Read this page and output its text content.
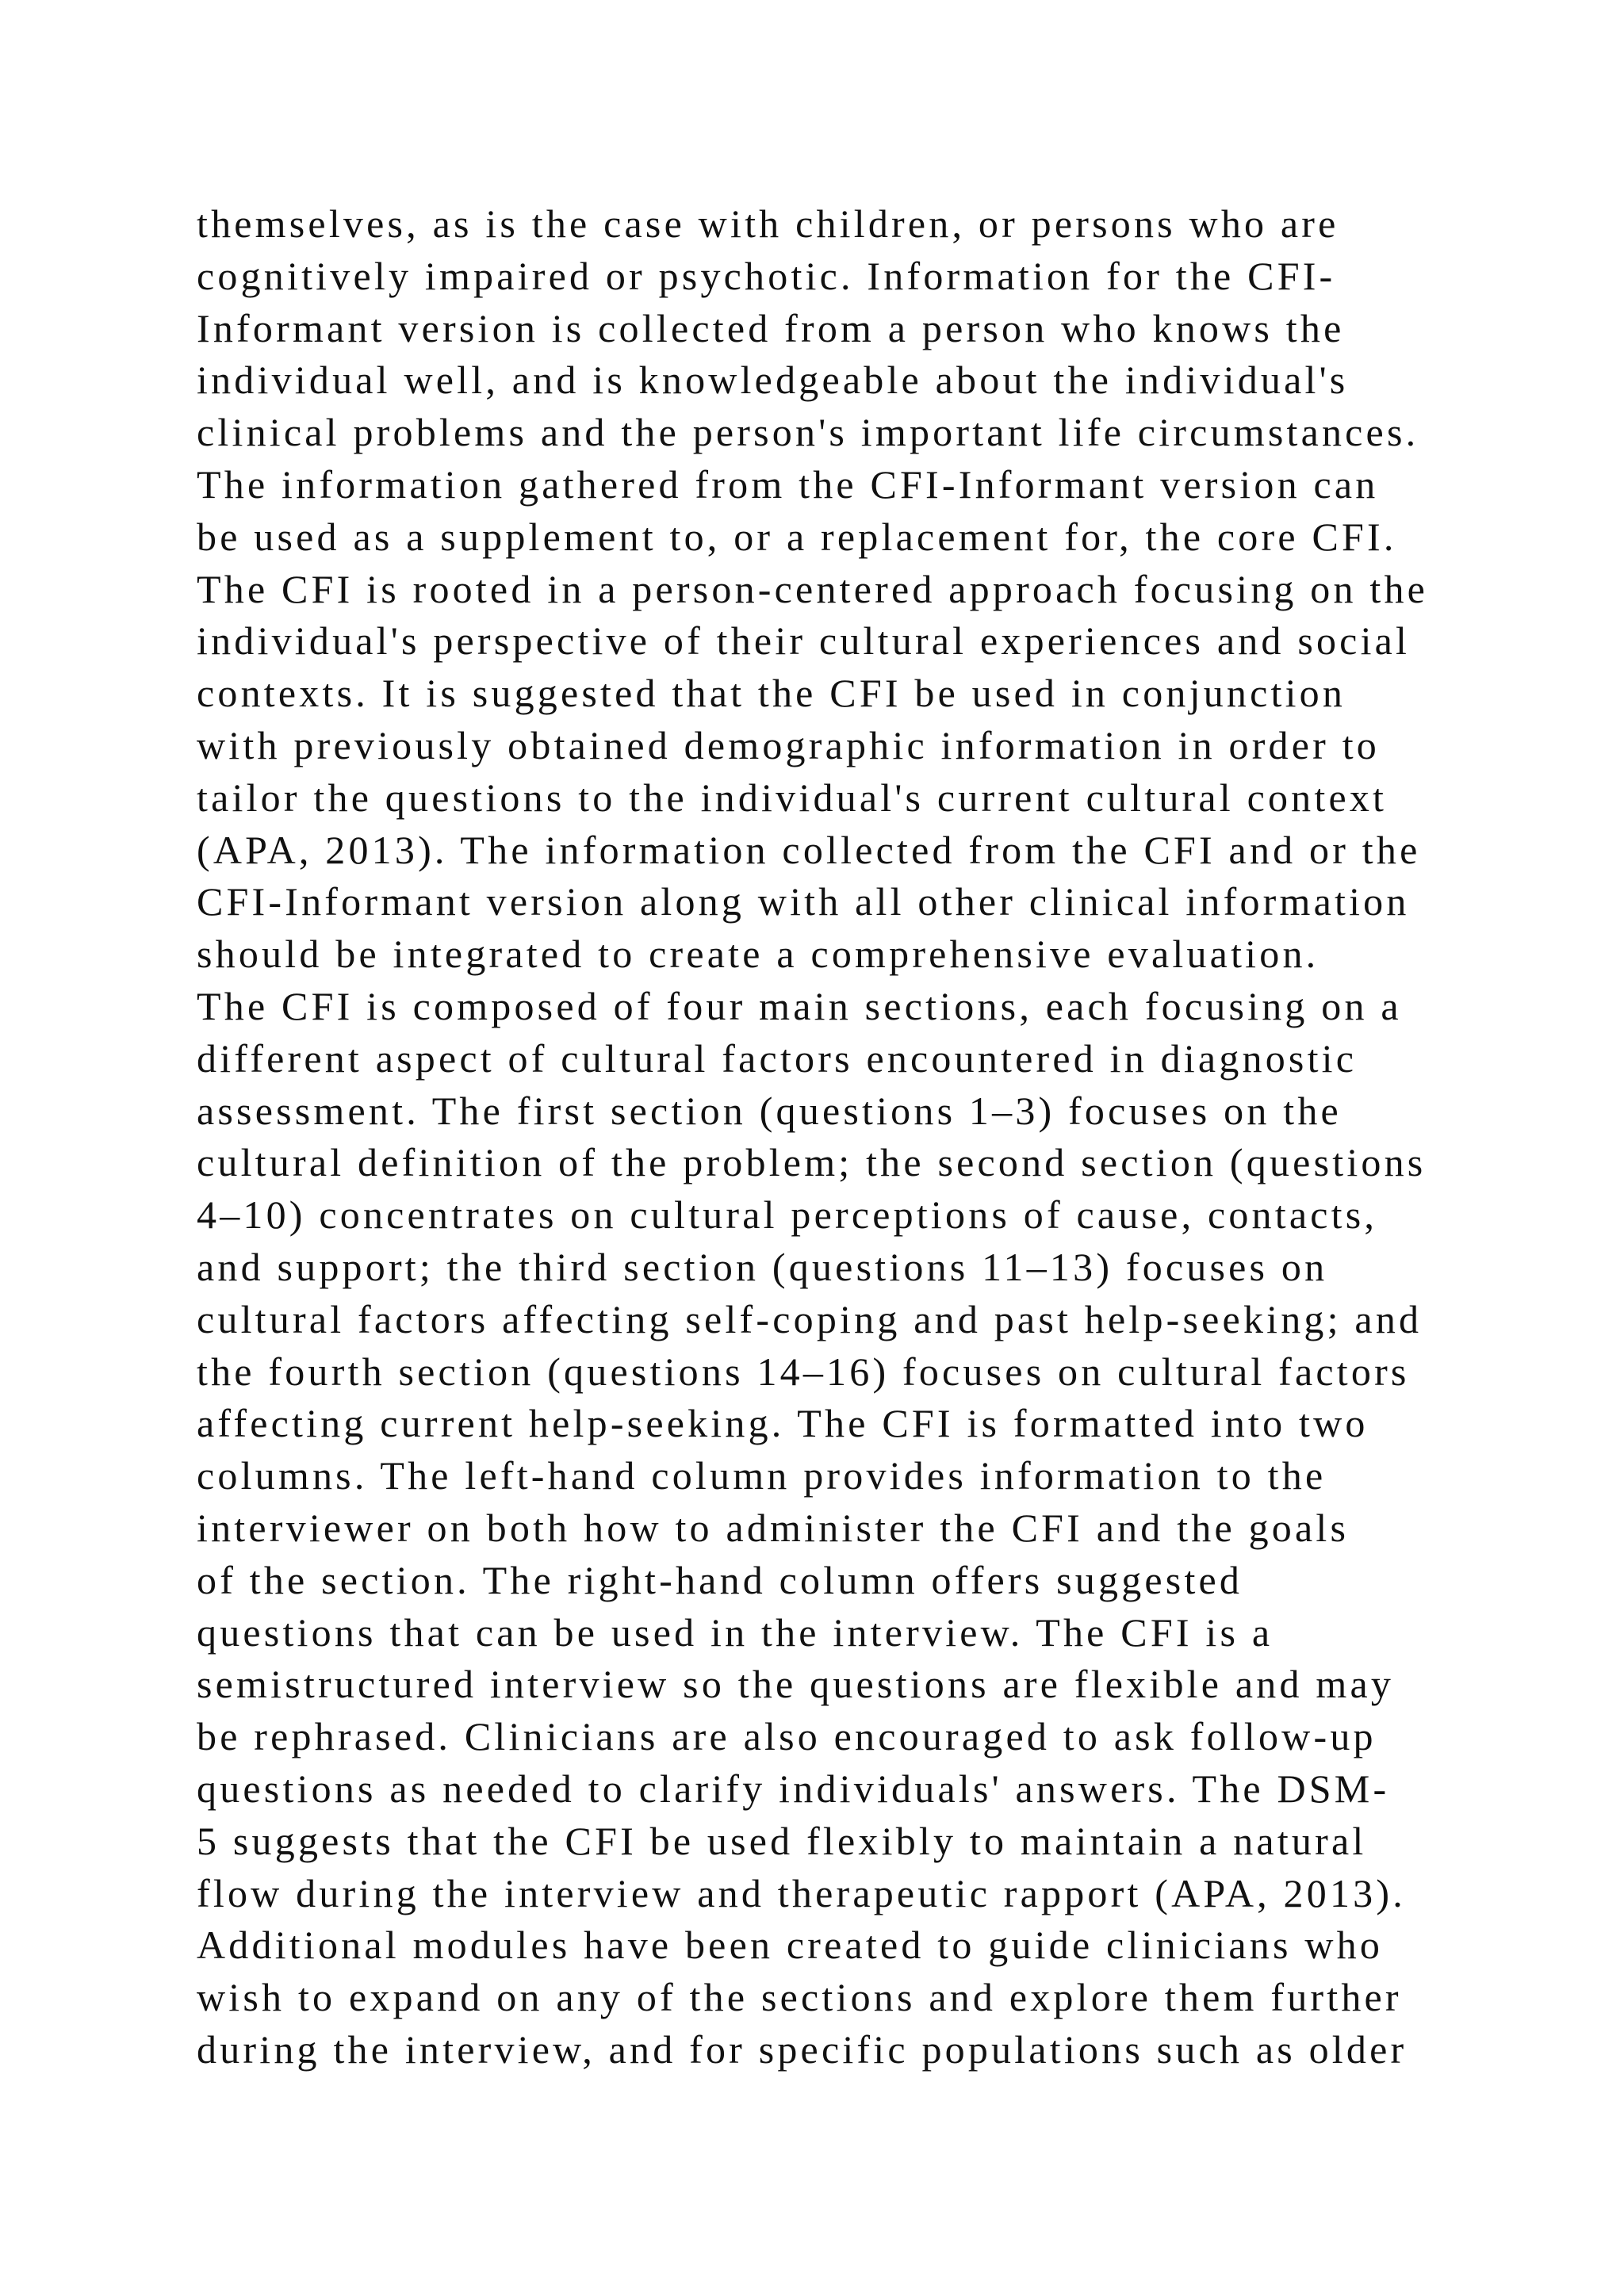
themselves, as is the case with children, or persons who are
cognitively impaired or psychotic. Information for the CFI-
Informant version is collected from a person who knows the
individual well, and is knowledgeable about the individual's
clinical problems and the person's important life circumstances.
The information gathered from the CFI-Informant version can
be used as a supplement to, or a replacement for, the core CFI.
The CFI is rooted in a person-centered approach focusing on the
individual's perspective of their cultural experiences and social
contexts. It is suggested that the CFI be used in conjunction
with previously obtained demographic information in order to
tailor the questions to the individual's current cultural context
(APA, 2013). The information collected from the CFI and or the
CFI-Informant version along with all other clinical information
should be integrated to create a comprehensive evaluation.
The CFI is composed of four main sections, each focusing on a
different aspect of cultural factors encountered in diagnostic
assessment. The first section (questions 1–3) focuses on the
cultural definition of the problem; the second section (questions
4–10) concentrates on cultural perceptions of cause, contacts,
and support; the third section (questions 11–13) focuses on
cultural factors affecting self-coping and past help-seeking; and
the fourth section (questions 14–16) focuses on cultural factors
affecting current help-seeking. The CFI is formatted into two
columns. The left-hand column provides information to the
interviewer on both how to administer the CFI and the goals
of the section. The right-hand column offers suggested
questions that can be used in the interview. The CFI is a
semistructured interview so the questions are flexible and may
be rephrased. Clinicians are also encouraged to ask follow-up
questions as needed to clarify individuals' answers. The DSM-
5 suggests that the CFI be used flexibly to maintain a natural
flow during the interview and therapeutic rapport (APA, 2013).
Additional modules have been created to guide clinicians who
wish to expand on any of the sections and explore them further
during the interview, and for specific populations such as older
